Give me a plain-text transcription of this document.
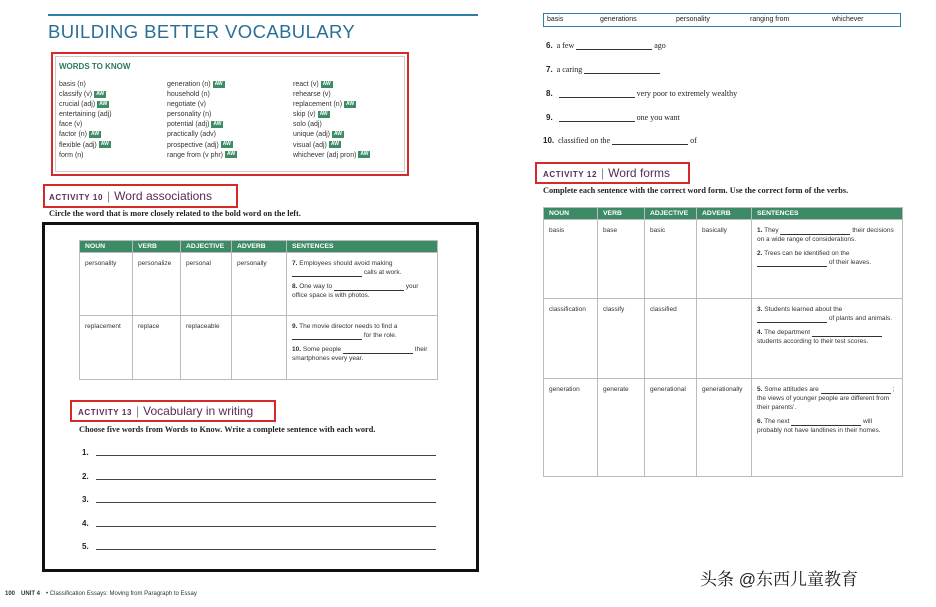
BUILDING BETTER VOCABULARY
WORDS TO KNOW
basis (n)
classify (v) AW
crucial (adj) AW
entertaining (adj)
face (v)
factor (n) AW
flexible (adj) AW
form (n)
generation (n) AW
household (n)
negotiate (v)
personality (n)
potential (adj) AW
practically (adv)
prospective (adj) AW
range from (v phr) AW
react (v) AW
rehearse (v)
replacement (n) AW
skip (v) AW
solo (adj)
unique (adj) AW
visual (adj) AW
whichever (adj pron) AW
ACTIVITY 10 | Word associations
Circle the word that is more closely related to the bold word on the left.
NOUN	VERB	ADJECTIVE	ADVERB	SENTENCES
personality	personalize	personal	personally	7. Employees should avoid making  calls at work.
8. One way to your office space is with photos.

replacement	replace	replaceable		9. The movie director needs to find a  for the role.
10. Some people their smartphones every year.
ACTIVITY 13 | Vocabulary in writing
Choose five words from Words to Know. Write a complete sentence with each word.
1.
2.
3.
4.
5.
100 UNIT 4 • Classification Essays: Moving from Paragraph to Essay
basis	generations	personality	ranging from	whichever
6. a few	ago
7. a caring
8.	very poor to extremely wealthy
9.	one you want
10. classified on the	of
ACTIVITY 12 | Word forms
Complete each sentence with the correct word form. Use the correct form of the verbs.
NOUN	VERB	ADJECTIVE	ADVERB	SENTENCES
basis	base	basic	basically	1. They their decisions on a wide range of considerations.
2. Trees can be identified on the  of their leaves.

classification	classify	classified		3. Students learned about the  of plants and animals.
4. The department  students according to their test scores.

generation	generate	generational	generationally	5. Some attitudes are ; the views of younger people are different from their parents'.
6. The next will probably not have landlines in their homes.
头条 @东西儿童教育
